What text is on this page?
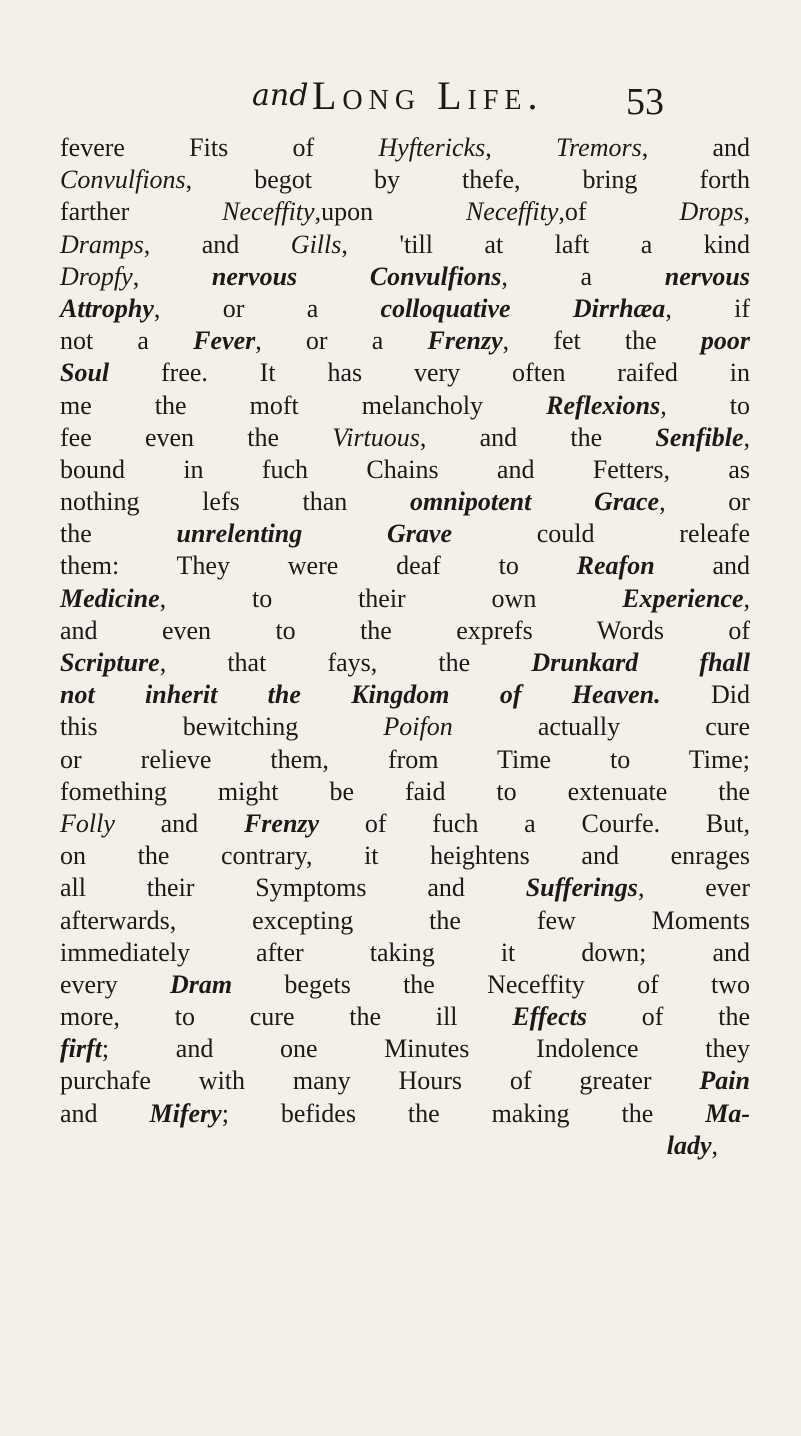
and Long Life. 53
fevere Fits of Hyftericks, Tremors, and
Convulfions, begot by thefe, bring forth
farther Neceffity,upon Neceffity,of Drops,
Dramps, and Gills, 'till at laft a kind
Dropfy, nervous Convulfions, a nervous
Attrophy, or a colloquative Dirrhæa, if
not a Fever, or a Frenzy, fet the poor
Soul free. It has very often raifed in
me the moft melancholy Reflexions, to
fee even the Virtuous, and the Senfible,
bound in fuch Chains and Fetters, as
nothing lefs than omnipotent Grace, or
the unrelenting Grave could releafe
them: They were deaf to Reafon and
Medicine, to their own Experience,
and even to the exprefs Words of
Scripture, that fays, the Drunkard fhall
not inherit the Kingdom of Heaven. Did
this bewitching Poifon actually cure
or relieve them, from Time to Time;
fomething might be faid to extenuate the
Folly and Frenzy of fuch a Courfe. But,
on the contrary, it heightens and enrages
all their Symptoms and Sufferings, ever
afterwards, excepting the few Moments
immediately after taking it down; and
every Dram begets the Neceffity of two
more, to cure the ill Effects of the
firft; and one Minutes Indolence they
purchafe with many Hours of greater Pain
and Mifery; befides the making the Ma-
lady,
